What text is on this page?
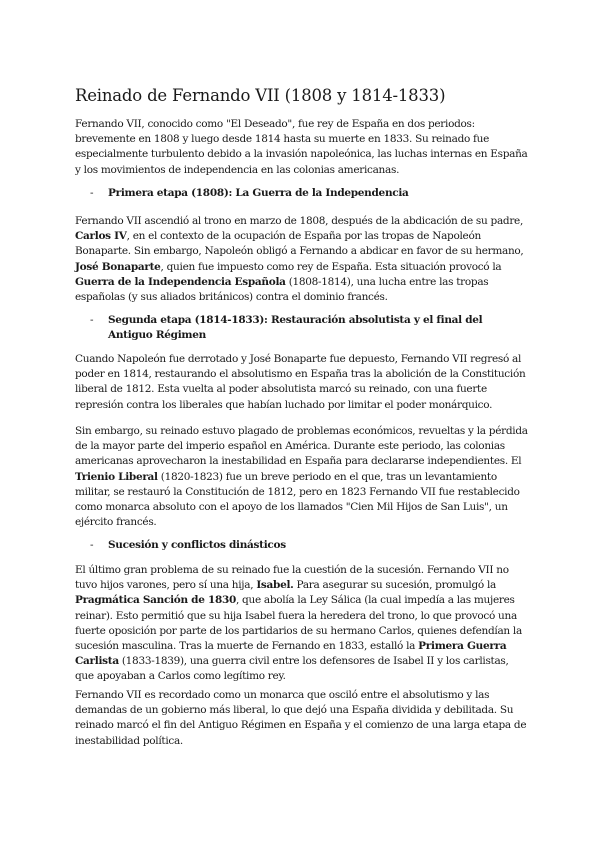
Reinado de Fernando VII (1808 y 1814-1833)

Fernando VII, conocido como "El Deseado", fue rey de España en dos periodos: brevemente en 1808 y luego desde 1814 hasta su muerte en 1833. Su reinado fue especialmente turbulento debido a la invasión napoleónica, las luchas internas en España y los movimientos de independencia en las colonias americanas.

- Primera etapa (1808): La Guerra de la Independencia

Fernando VII ascendió al trono en marzo de 1808, después de la abdicación de su padre, Carlos IV, en el contexto de la ocupación de España por las tropas de Napoleón Bonaparte. Sin embargo, Napoleón obligó a Fernando a abdicar en favor de su hermano, José Bonaparte, quien fue impuesto como rey de España. Esta situación provocó la Guerra de la Independencia Española (1808-1814), una lucha entre las tropas españolas (y sus aliados británicos) contra el dominio francés.

- Segunda etapa (1814-1833): Restauración absolutista y el final del Antiguo Régimen

Cuando Napoleón fue derrotado y José Bonaparte fue depuesto, Fernando VII regresó al poder en 1814, restaurando el absolutismo en España tras la abolición de la Constitución liberal de 1812. Esta vuelta al poder absolutista marcó su reinado, con una fuerte represión contra los liberales que habían luchado por limitar el poder monárquico.

Sin embargo, su reinado estuvo plagado de problemas económicos, revueltas y la pérdida de la mayor parte del imperio español en América. Durante este periodo, las colonias americanas aprovecharon la inestabilidad en España para declararse independientes. El Trienio Liberal (1820-1823) fue un breve periodo en el que, tras un levantamiento militar, se restauró la Constitución de 1812, pero en 1823 Fernando VII fue restablecido como monarca absoluto con el apoyo de los llamados "Cien Mil Hijos de San Luis", un ejército francés.

- Sucesión y conflictos dinásticos

El último gran problema de su reinado fue la cuestión de la sucesión. Fernando VII no tuvo hijos varones, pero sí una hija, Isabel. Para asegurar su sucesión, promulgó la Pragmática Sanción de 1830, que abolía la Ley Sálica (la cual impedía a las mujeres reinar). Esto permitió que su hija Isabel fuera la heredera del trono, lo que provocó una fuerte oposición por parte de los partidarios de su hermano Carlos, quienes defendían la sucesión masculina. Tras la muerte de Fernando en 1833, estalló la Primera Guerra Carlista (1833-1839), una guerra civil entre los defensores de Isabel II y los carlistas, que apoyaban a Carlos como legítimo rey.

Fernando VII es recordado como un monarca que osciló entre el absolutismo y las demandas de un gobierno más liberal, lo que dejó una España dividida y debilitada. Su reinado marcó el fin del Antiguo Régimen en España y el comienzo de una larga etapa de inestabilidad política.
